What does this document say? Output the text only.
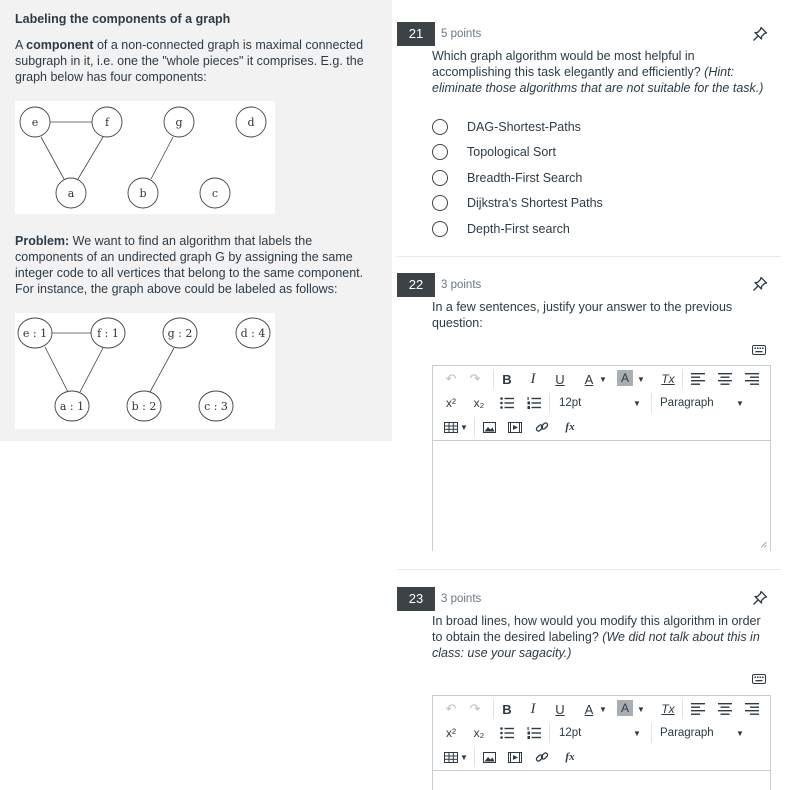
Labeling the components of a graph
A component of a non-connected graph is maximal connected subgraph in it, i.e. one the "whole pieces" it comprises. E.g. the graph below has four components:
e	f	g	d
a	b	c
Problem: We want to find an algorithm that labels the components of an undirected graph G by assigning the same integer code to all vertices that belong to the same component. For instance, the graph above could be labeled as follows:
e : 1	f : 1	g : 2	d : 4
a : 1	b : 2	c : 3
21	5 points
Which graph algorithm would be most helpful in accomplishing this task elegantly and efficiently? (Hint: eliminate those algorithms that are not suitable for the task.)
DAG-Shortest-Paths
Topological Sort
Breadth-First Search
Dijkstra's Shortest Paths
Depth-First search
22	3 points
In a few sentences, justify your answer to the previous question:
↶	↷	B	I	U	A ▼	A	▼	Tx
x²	x₂	12pt	▼ Paragraph	▼
▼	fx
23	3 points
In broad lines, how would you modify this algorithm in order to obtain the desired labeling? (We did not talk about this in class: use your sagacity.)
↶	↷	B	I	U	A ▼	A	▼	Tx
x²	x₂	12pt	▼ Paragraph	▼
▼	fx
